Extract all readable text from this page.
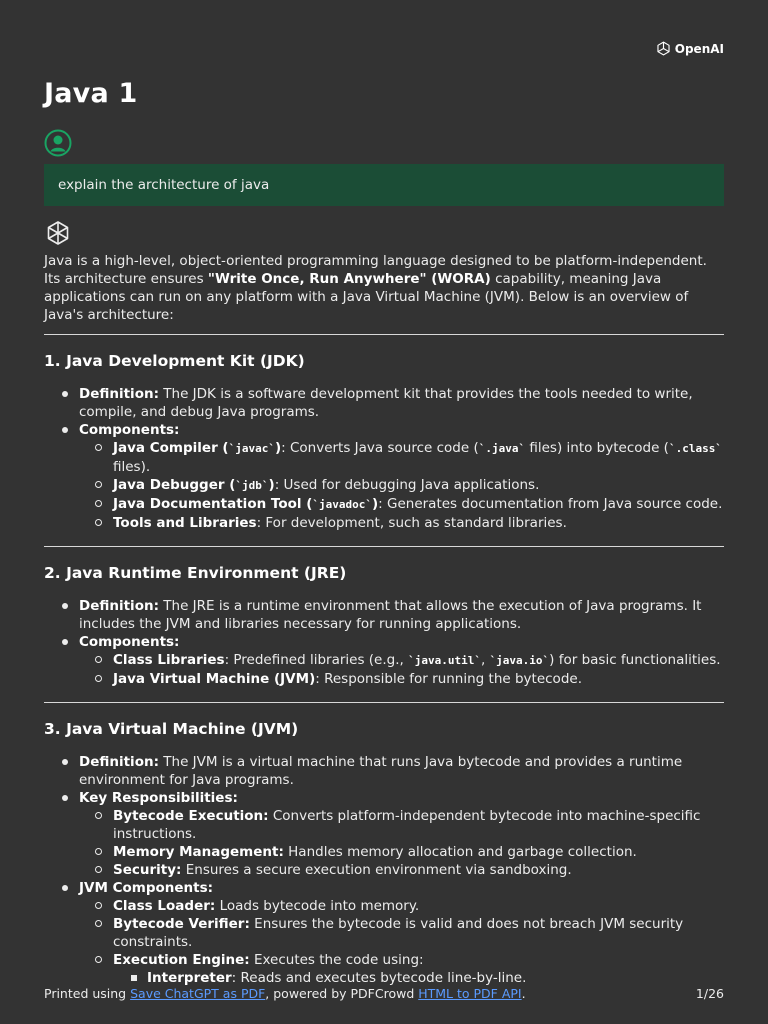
OpenAI
Java 1
explain the architecture of java

Java is a high-level, object-oriented programming language designed to be platform-independent. Its architecture ensures "Write Once, Run Anywhere" (WORA) capability, meaning Java applications can run on any platform with a Java Virtual Machine (JVM). Below is an overview of Java's architecture:

1. Java Development Kit (JDK)
Definition: The JDK is a software development kit that provides the tools needed to write, compile, and debug Java programs.
Components:
Java Compiler (`javac`): Converts Java source code (`.java` files) into bytecode (`.class` files).
Java Debugger (`jdb`): Used for debugging Java applications.
Java Documentation Tool (`javadoc`): Generates documentation from Java source code.
Tools and Libraries: For development, such as standard libraries.
2. Java Runtime Environment (JRE)
Definition: The JRE is a runtime environment that allows the execution of Java programs. It includes the JVM and libraries necessary for running applications.
Components:
Class Libraries: Predefined libraries (e.g., `java.util`, `java.io`) for basic functionalities.
Java Virtual Machine (JVM): Responsible for running the bytecode.
3. Java Virtual Machine (JVM)
Definition: The JVM is a virtual machine that runs Java bytecode and provides a runtime environment for Java programs.
Key Responsibilities:
Bytecode Execution: Converts platform-independent bytecode into machine-specific instructions.
Memory Management: Handles memory allocation and garbage collection.
Security: Ensures a secure execution environment via sandboxing.
JVM Components:
Class Loader: Loads bytecode into memory.
Bytecode Verifier: Ensures the bytecode is valid and does not breach JVM security constraints.
Execution Engine: Executes the code using:
Interpreter: Reads and executes bytecode line-by-line.
Printed using Save ChatGPT as PDF, powered by PDFCrowd HTML to PDF API.	1/26
